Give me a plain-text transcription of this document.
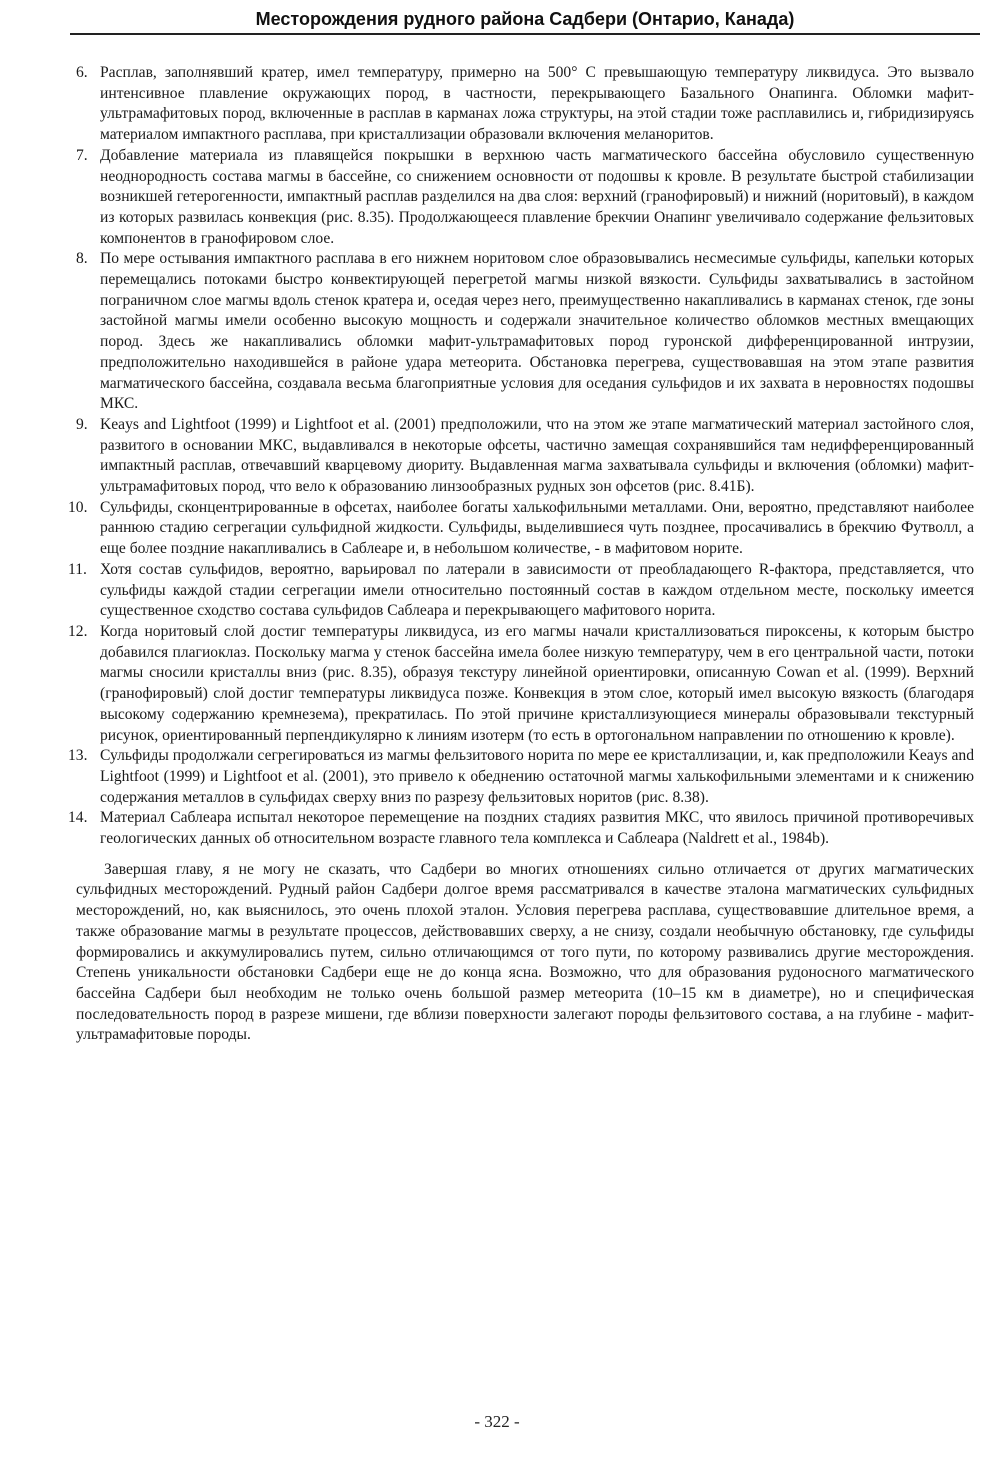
Месторождения рудного района Садбери (Онтарио, Канада)
6. Расплав, заполнявший кратер, имел температуру, примерно на 500° С превышающую температуру ликвидуса. Это вызвало интенсивное плавление окружающих пород, в частности, перекрывающего Базального Онапинга. Обломки мафит-ультрамафитовых пород, включенные в расплав в карманах ложа структуры, на этой стадии тоже расплавились и, гибридизируясь материалом импактного расплава, при кристаллизации образовали включения меланоритов.
7. Добавление материала из плавящейся покрышки в верхнюю часть магматического бассейна обусловило существенную неоднородность состава магмы в бассейне, со снижением основности от подошвы к кровле. В результате быстрой стабилизации возникшей гетерогенности, импактный расплав разделился на два слоя: верхний (гранофировый) и нижний (норитовый), в каждом из которых развилась конвекция (рис. 8.35). Продолжающееся плавление брекчии Онапинг увеличивало содержание фельзитовых компонентов в гранофировом слое.
8. По мере остывания импактного расплава в его нижнем норитовом слое образовывались несмесимые сульфиды, капельки которых перемещались потоками быстро конвектирующей перегретой магмы низкой вязкости. Сульфиды захватывались в застойном пограничном слое магмы вдоль стенок кратера и, оседая через него, преимущественно накапливались в карманах стенок, где зоны застойной магмы имели особенно высокую мощность и содержали значительное количество обломков местных вмещающих пород. Здесь же накапливались обломки мафит-ультрамафитовых пород гуронской дифференцированной интрузии, предположительно находившейся в районе удара метеорита. Обстановка перегрева, существовавшая на этом этапе развития магматического бассейна, создавала весьма благоприятные условия для оседания сульфидов и их захвата в неровностях подошвы МКС.
9. Keays and Lightfoot (1999) и Lightfoot et al. (2001) предположили, что на этом же этапе магматический материал застойного слоя, развитого в основании МКС, выдавливался в некоторые офсеты, частично замещая сохранявшийся там недифференцированный импактный расплав, отвечавший кварцевому диориту. Выдавленная магма захватывала сульфиды и включения (обломки) мафит-ультрамафитовых пород, что вело к образованию линзообразных рудных зон офсетов (рис. 8.41Б).
10. Сульфиды, сконцентрированные в офсетах, наиболее богаты халькофильными металлами. Они, вероятно, представляют наиболее раннюю стадию сегрегации сульфидной жидкости. Сульфиды, выделившиеся чуть позднее, просачивались в брекчию Футволл, а еще более поздние накапливались в Саблеаре и, в небольшом количестве, - в мафитовом норите.
11. Хотя состав сульфидов, вероятно, варьировал по латерали в зависимости от преобладающего R-фактора, представляется, что сульфиды каждой стадии сегрегации имели относительно постоянный состав в каждом отдельном месте, поскольку имеется существенное сходство состава сульфидов Саблеара и перекрывающего мафитового норита.
12. Когда норитовый слой достиг температуры ликвидуса, из его магмы начали кристаллизоваться пироксены, к которым быстро добавился плагиоклаз. Поскольку магма у стенок бассейна имела более низкую температуру, чем в его центральной части, потоки магмы сносили кристаллы вниз (рис. 8.35), образуя текстуру линейной ориентировки, описанную Cowan et al. (1999). Верхний (гранофировый) слой достиг температуры ликвидуса позже. Конвекция в этом слое, который имел высокую вязкость (благодаря высокому содержанию кремнезема), прекратилась. По этой причине кристаллизующиеся минералы образовывали текстурный рисунок, ориентированный перпендикулярно к линиям изотерм (то есть в ортогональном направлении по отношению к кровле).
13. Сульфиды продолжали сегрегироваться из магмы фельзитового норита по мере ее кристаллизации, и, как предположили Keays and Lightfoot (1999) и Lightfoot et al. (2001), это привело к обеднению остаточной магмы халькофильными элементами и к снижению содержания металлов в сульфидах сверху вниз по разрезу фельзитовых норитов (рис. 8.38).
14. Материал Саблеара испытал некоторое перемещение на поздних стадиях развития МКС, что явилось причиной противоречивых геологических данных об относительном возрасте главного тела комплекса и Саблеара (Naldrett et al., 1984b).

Завершая главу, я не могу не сказать, что Садбери во многих отношениях сильно отличается от других магматических сульфидных месторождений. Рудный район Садбери долгое время рассматривался в качестве эталона магматических сульфидных месторождений, но, как выяснилось, это очень плохой эталон. Условия перегрева расплава, существовавшие длительное время, а также образование магмы в результате процессов, действовавших сверху, а не снизу, создали необычную обстановку, где сульфиды формировались и аккумулировались путем, сильно отличающимся от того пути, по которому развивались другие месторождения. Степень уникальности обстановки Садбери еще не до конца ясна. Возможно, что для образования рудоносного магматического бассейна Садбери был необходим не только очень большой размер метеорита (10–15 км в диаметре), но и специфическая последовательность пород в разрезе мишени, где вблизи поверхности залегают породы фельзитового состава, а на глубине - мафит-ультрамафитовые породы.

- 322 -
